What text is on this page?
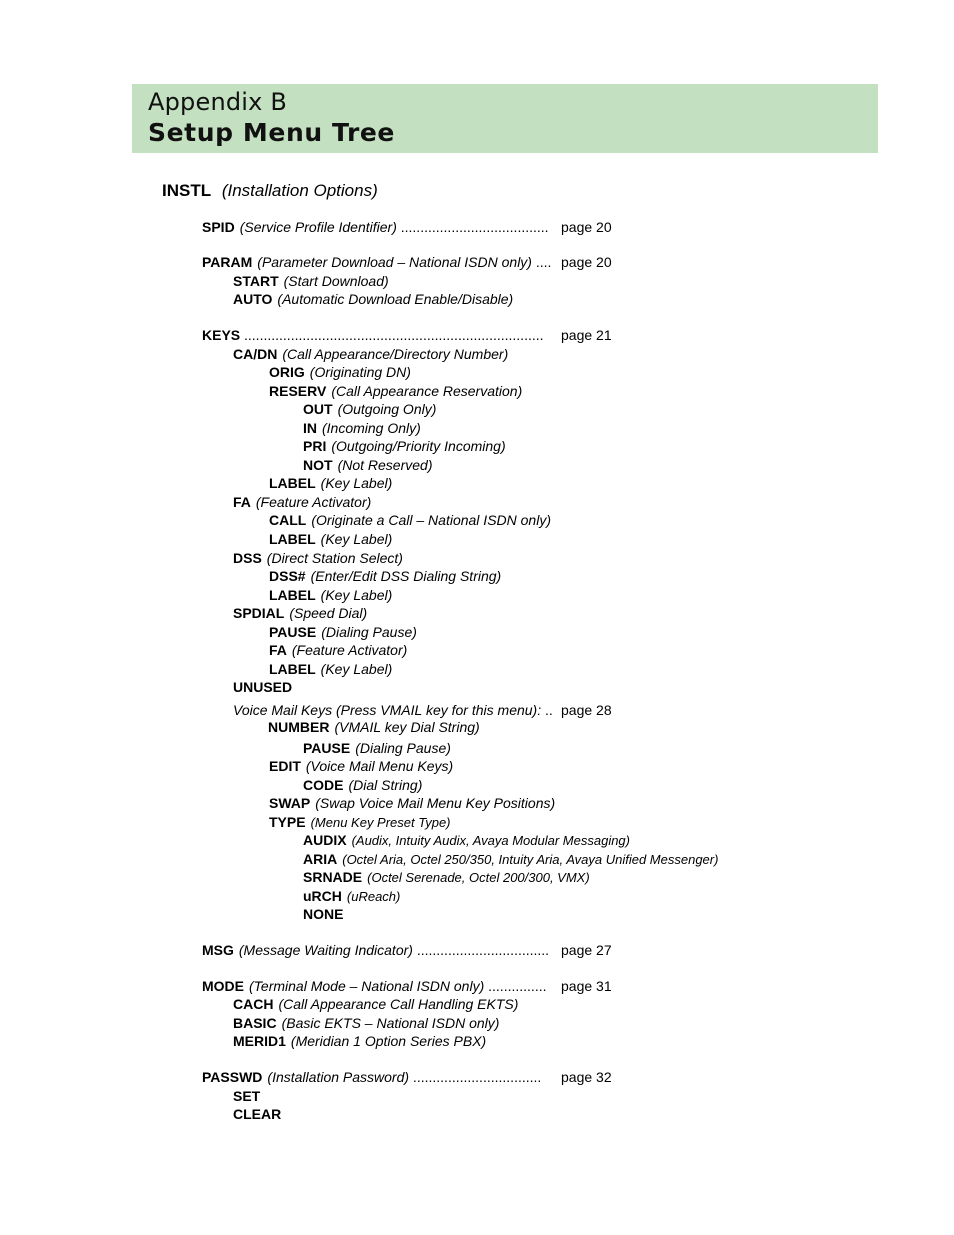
Appendix B
Setup Menu Tree
INSTL (Installation Options)
SPID (Service Profile Identifier) ...................................... page 20
PARAM (Parameter Download – National ISDN only) .... page 20
START (Start Download)
AUTO (Automatic Download Enable/Disable)
KEYS ............................................................................. page 21
CA/DN (Call Appearance/Directory Number)
ORIG (Originating DN)
RESERV (Call Appearance Reservation)
OUT (Outgoing Only)
IN (Incoming Only)
PRI (Outgoing/Priority Incoming)
NOT (Not Reserved)
LABEL (Key Label)
FA (Feature Activator)
CALL (Originate a Call – National ISDN only)
LABEL (Key Label)
DSS (Direct Station Select)
DSS# (Enter/Edit DSS Dialing String)
LABEL (Key Label)
SPDIAL (Speed Dial)
PAUSE (Dialing Pause)
FA (Feature Activator)
LABEL (Key Label)
UNUSED
Voice Mail Keys (Press VMAIL key for this menu): .. page 28
NUMBER (VMAIL key Dial String)
PAUSE (Dialing Pause)
EDIT (Voice Mail Menu Keys)
CODE (Dial String)
SWAP (Swap Voice Mail Menu Key Positions)
TYPE (Menu Key Preset Type)
AUDIX (Audix, Intuity Audix, Avaya Modular Messaging)
ARIA (Octel Aria, Octel 250/350, Intuity Aria, Avaya Unified Messenger)
SRNADE (Octel Serenade, Octel 200/300, VMX)
uRCH (uReach)
NONE
MSG (Message Waiting Indicator) .................................. page 27
MODE (Terminal Mode – National ISDN only) ............... page 31
CACH (Call Appearance Call Handling EKTS)
BASIC (Basic EKTS – National ISDN only)
MERID1 (Meridian 1 Option Series PBX)
PASSWD (Installation Password) ................................. page 32
SET
CLEAR
